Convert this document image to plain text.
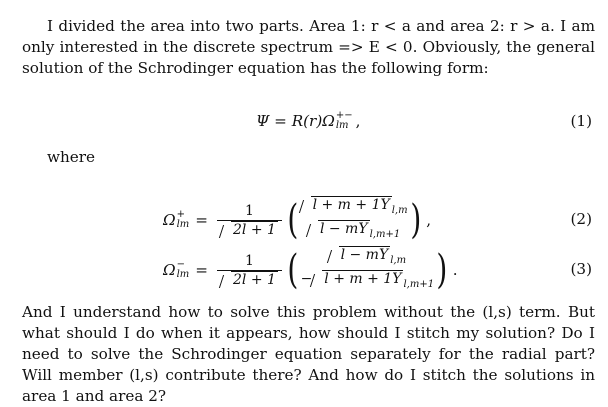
I divided the area into two parts. Area 1: r < a and area 2: r > a. I am only interested in the discrete spectrum => E < 0. Obviously, the general solution of the Schrodinger equation has the following form:

Ψ = R(r)Ω +−
lm ,	(1)
where
Ω +
lm = $\frac{1}{2l + 1}$ (	l + m + 1Y $_{l,m}$
l − mY $_{l,m+1}$ ) ,	(2)
Ω −
lm = $\frac{1}{2l + 1}$ (	l − mY $_{l,m}$
− l + m + 1Y $_{l,m+1}$ ) .	(3)

And I understand how to solve this problem without the (l,s) term. But what should I do when it appears, how should I stitch my solution? Do I need to solve the Schrodinger equation separately for the radial part? Will member (l,s) contribute there? And how do I stitch the solutions in area 1 and area 2?
